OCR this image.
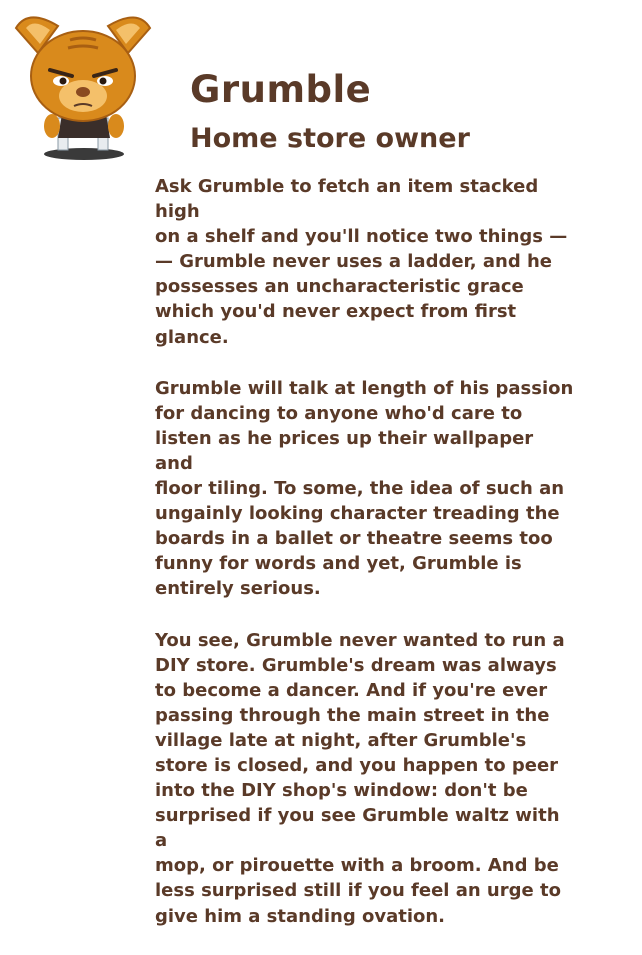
Grumble
Home store owner

Ask Grumble to fetch an item stacked high
on a shelf and you'll notice two things —
— Grumble never uses a ladder, and he
possesses an uncharacteristic grace
which you'd never expect from first
glance.

Grumble will talk at length of his passion
for dancing to anyone who'd care to
listen as he prices up their wallpaper and
floor tiling. To some, the idea of such an
ungainly looking character treading the
boards in a ballet or theatre seems too
funny for words and yet, Grumble is
entirely serious.

You see, Grumble never wanted to run a
DIY store. Grumble's dream was always
to become a dancer. And if you're ever
passing through the main street in the
village late at night, after Grumble's
store is closed, and you happen to peer
into the DIY shop's window: don't be
surprised if you see Grumble waltz with a
mop, or pirouette with a broom. And be
less surprised still if you feel an urge to
give him a standing ovation.
